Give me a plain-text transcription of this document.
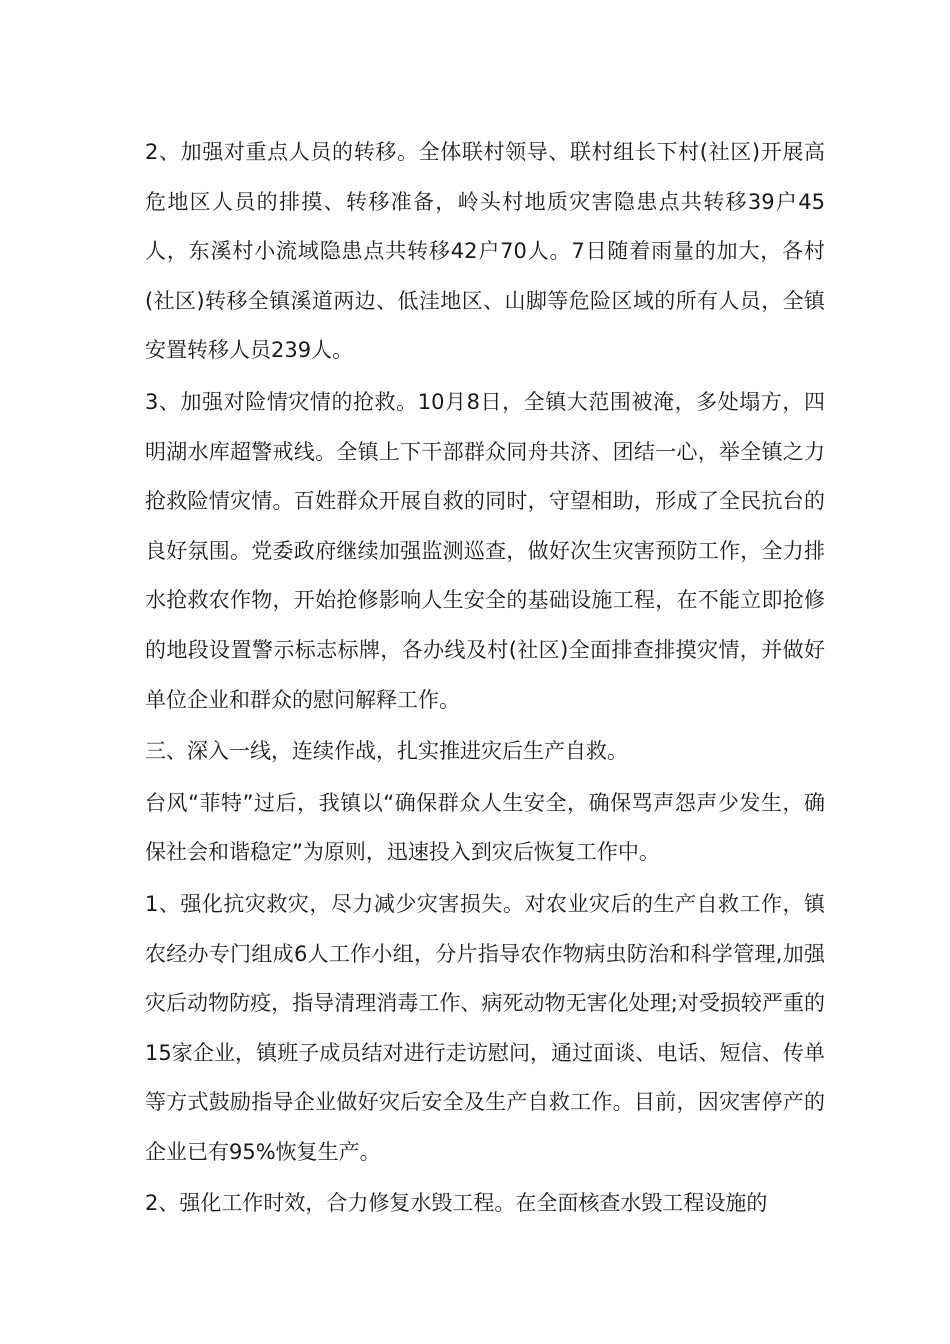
2、加强对重点人员的转移。全体联村领导、联村组长下村(社区)开展高危地区人员的排摸、转移准备，岭头村地质灾害隐患点共转移39户45人，东溪村小流域隐患点共转移42户70人。7日随着雨量的加大，各村(社区)转移全镇溪道两边、低洼地区、山脚等危险区域的所有人员，全镇安置转移人员239人。

3、加强对险情灾情的抢救。10月8日，全镇大范围被淹，多处塌方，四明湖水库超警戒线。全镇上下干部群众同舟共济、团结一心，举全镇之力抢救险情灾情。百姓群众开展自救的同时，守望相助，形成了全民抗台的良好氛围。党委政府继续加强监测巡查，做好次生灾害预防工作，全力排水抢救农作物，开始抢修影响人生安全的基础设施工程，在不能立即抢修的地段设置警示标志标牌，各办线及村(社区)全面排查排摸灾情，并做好单位企业和群众的慰问解释工作。

三、深入一线，连续作战，扎实推进灾后生产自救。

台风“菲特”过后，我镇以“确保群众人生安全，确保骂声怨声少发生，确保社会和谐稳定”为原则，迅速投入到灾后恢复工作中。

1、强化抗灾救灾，尽力减少灾害损失。对农业灾后的生产自救工作，镇农经办专门组成6人工作小组，分片指导农作物病虫防治和科学管理,加强灾后动物防疫，指导清理消毒工作、病死动物无害化处理;对受损较严重的15家企业，镇班子成员结对进行走访慰问，通过面谈、电话、短信、传单等方式鼓励指导企业做好灾后安全及生产自救工作。目前，因灾害停产的企业已有95%恢复生产。

2、强化工作时效，合力修复水毁工程。在全面核查水毁工程设施的
